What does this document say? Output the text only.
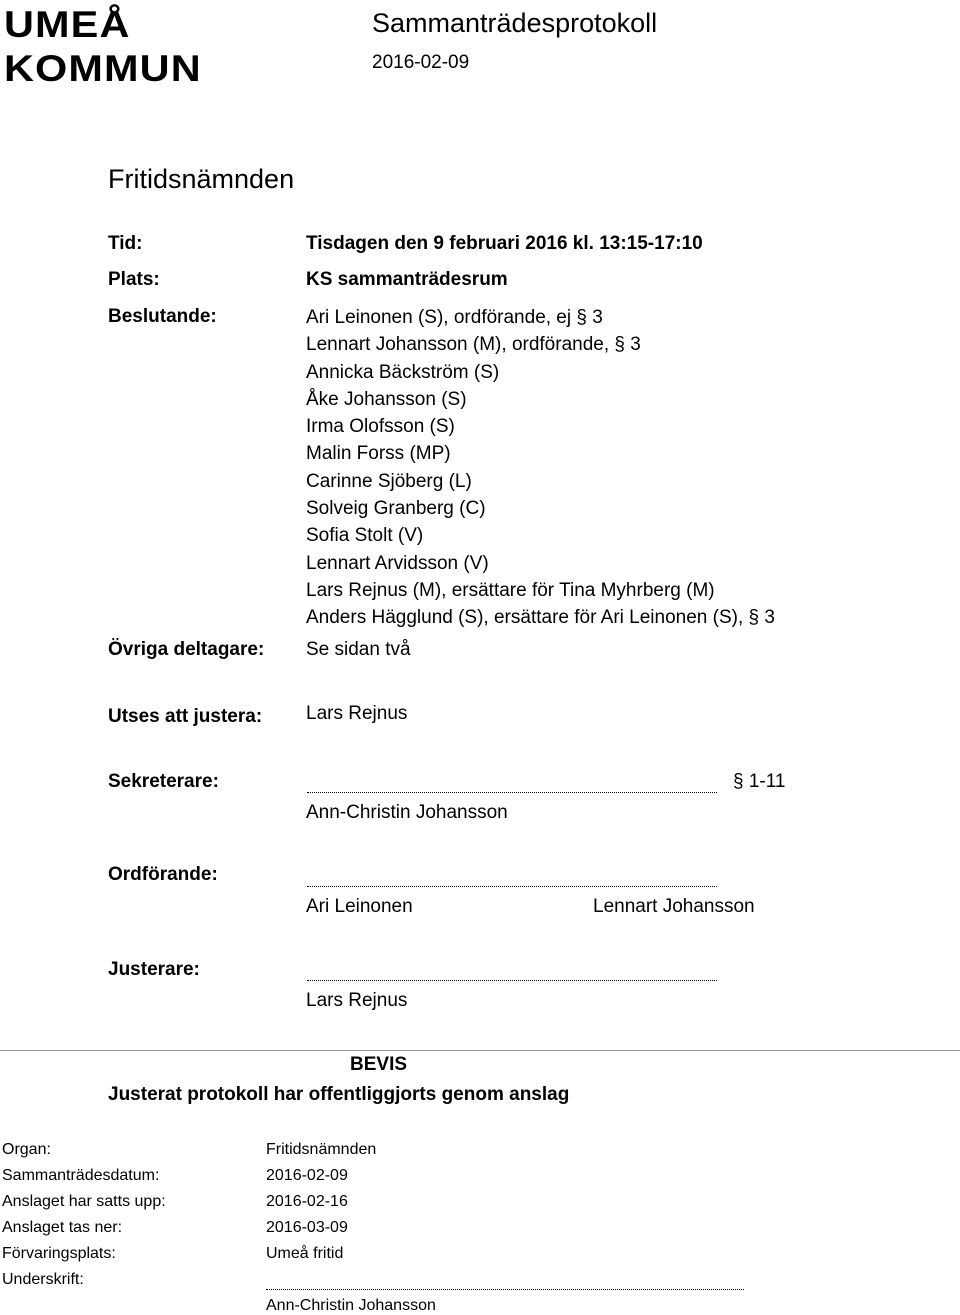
UMEÅ
KOMMUN
Sammanträdesprotokoll
2016-02-09
Fritidsnämnden
Tid:	Tisdagen den 9 februari 2016 kl. 13:15-17:10
Plats:	KS sammanträdesrum
Beslutande:	Ari Leinonen (S), ordförande, ej § 3
Lennart Johansson (M), ordförande, § 3
Annicka Bäckström (S)
Åke Johansson (S)
Irma Olofsson (S)
Malin Forss (MP)
Carinne Sjöberg (L)
Solveig Granberg (C)
Sofia Stolt (V)
Lennart Arvidsson (V)
Lars Rejnus (M), ersättare för Tina Myhrberg (M)
Anders Hägglund (S), ersättare för Ari Leinonen (S), § 3
Övriga deltagare: Se sidan två
Utses att justera: Lars Rejnus
Sekreterare:	§ 1-11
Ann-Christin Johansson
Ordförande:
Ari Leinonen	Lennart Johansson
Justerare:
Lars Rejnus
BEVIS
Justerat protokoll har offentliggjorts genom anslag
Organ:	Fritidsnämnden
Sammanträdesdatum:	2016-02-09
Anslaget har satts upp:	2016-02-16
Anslaget tas ner:	2016-03-09
Förvaringsplats:	Umeå fritid
Underskrift:
Ann-Christin Johansson
